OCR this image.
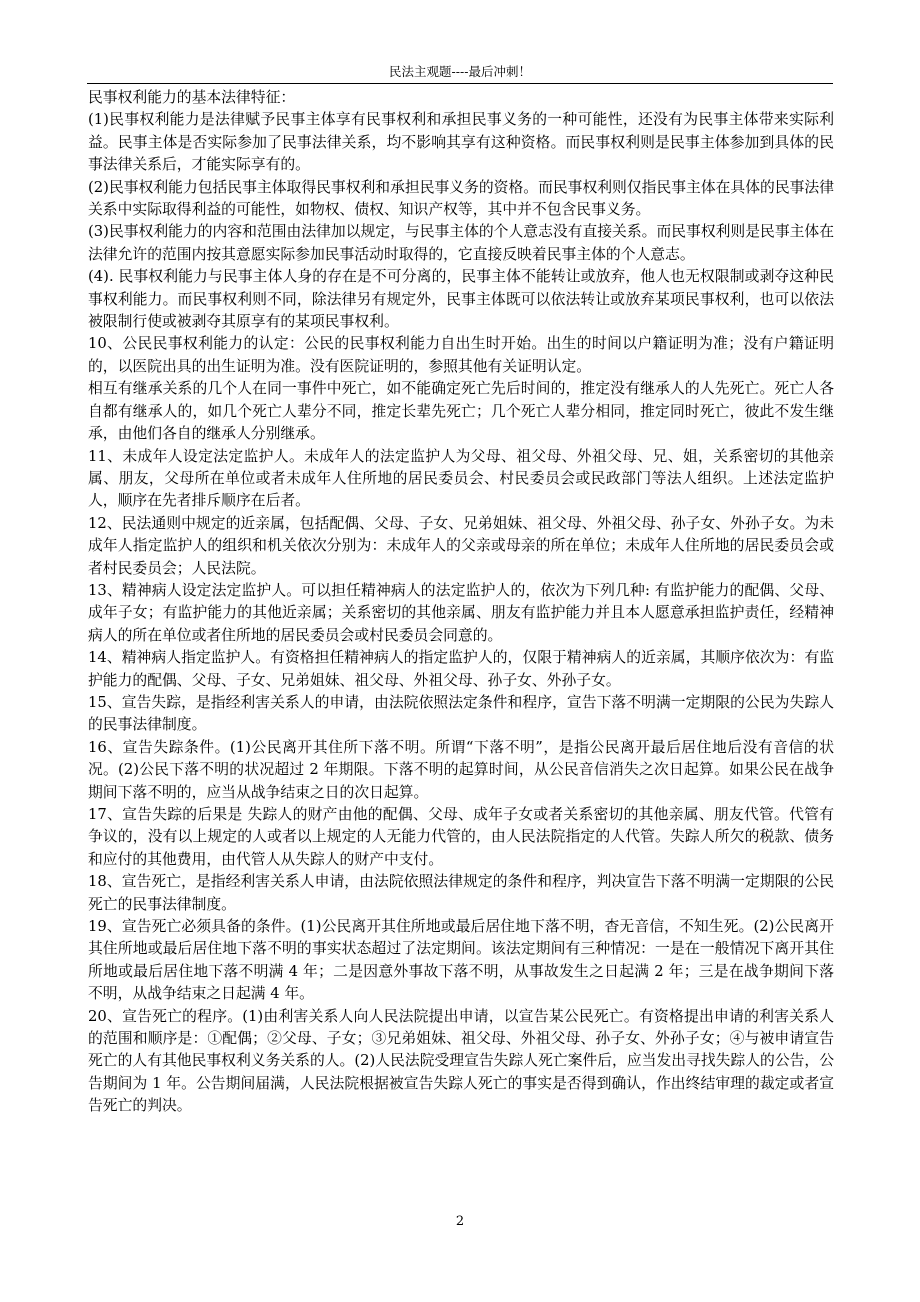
民法主观题----最后冲刺！

民事权利能力的基本法律特征：

(1)民事权利能力是法律赋予民事主体享有民事权利和承担民事义务的一种可能性，还没有为民事主体带来实际利益。民事主体是否实际参加了民事法律关系，均不影响其享有这种资格。而民事权利则是民事主体参加到具体的民事法律关系后，才能实际享有的。

(2)民事权利能力包括民事主体取得民事权利和承担民事义务的资格。而民事权利则仅指民事主体在具体的民事法律关系中实际取得利益的可能性，如物权、债权、知识产权等，其中并不包含民事义务。

(3)民事权利能力的内容和范围由法律加以规定，与民事主体的个人意志没有直接关系。而民事权利则是民事主体在法律允许的范围内按其意愿实际参加民事活动时取得的，它直接反映着民事主体的个人意志。

(4). 民事权利能力与民事主体人身的存在是不可分离的，民事主体不能转让或放弃，他人也无权限制或剥夺这种民事权利能力。而民事权利则不同，除法律另有规定外，民事主体既可以依法转让或放弃某项民事权利，也可以依法被限制行使或被剥夺其原享有的某项民事权利。

10、公民民事权利能力的认定：公民的民事权利能力自出生时开始。出生的时间以户籍证明为准；没有户籍证明的，以医院出具的出生证明为准。没有医院证明的，参照其他有关证明认定。

相互有继承关系的几个人在同一事件中死亡，如不能确定死亡先后时间的，推定没有继承人的人先死亡。死亡人各自都有继承人的，如几个死亡人辈分不同，推定长辈先死亡；几个死亡人辈分相同，推定同时死亡，彼此不发生继承，由他们各自的继承人分别继承。

11、未成年人设定法定监护人。未成年人的法定监护人为父母、祖父母、外祖父母、兄、姐，关系密切的其他亲属、朋友，父母所在单位或者未成年人住所地的居民委员会、村民委员会或民政部门等法人组织。上述法定监护人，顺序在先者排斥顺序在后者。

12、民法通则中规定的近亲属，包括配偶、父母、子女、兄弟姐妹、祖父母、外祖父母、孙子女、外孙子女。为未成年人指定监护人的组织和机关依次分别为：未成年人的父亲或母亲的所在单位；未成年人住所地的居民委员会或者村民委员会；人民法院。

13、精神病人设定法定监护人。可以担任精神病人的法定监护人的，依次为下列几种: 有监护能力的配偶、父母、成年子女；有监护能力的其他近亲属；关系密切的其他亲属、朋友有监护能力并且本人愿意承担监护责任，经精神病人的所在单位或者住所地的居民委员会或村民委员会同意的。

14、精神病人指定监护人。有资格担任精神病人的指定监护人的，仅限于精神病人的近亲属，其顺序依次为：有监护能力的配偶、父母、子女、兄弟姐妹、祖父母、外祖父母、孙子女、外孙子女。

15、宣告失踪，是指经利害关系人的申请，由法院依照法定条件和程序，宣告下落不明满一定期限的公民为失踪人的民事法律制度。

16、宣告失踪条件。(1)公民离开其住所下落不明。所谓“下落不明”，是指公民离开最后居住地后没有音信的状况。(2)公民下落不明的状况超过 2 年期限。下落不明的起算时间，从公民音信消失之次日起算。如果公民在战争期间下落不明的，应当从战争结束之日的次日起算。

17、宣告失踪的后果是 失踪人的财产由他的配偶、父母、成年子女或者关系密切的其他亲属、朋友代管。代管有争议的，没有以上规定的人或者以上规定的人无能力代管的，由人民法院指定的人代管。失踪人所欠的税款、债务和应付的其他费用，由代管人从失踪人的财产中支付。

18、宣告死亡，是指经利害关系人申请，由法院依照法律规定的条件和程序，判决宣告下落不明满一定期限的公民死亡的民事法律制度。

19、宣告死亡必须具备的条件。(1)公民离开其住所地或最后居住地下落不明，杳无音信，不知生死。(2)公民离开其住所地或最后居住地下落不明的事实状态超过了法定期间。该法定期间有三种情况：一是在一般情况下离开其住所地或最后居住地下落不明满 4 年；二是因意外事故下落不明，从事故发生之日起满 2 年；三是在战争期间下落不明，从战争结束之日起满 4 年。

20、宣告死亡的程序。(1)由利害关系人向人民法院提出申请，以宣告某公民死亡。有资格提出申请的利害关系人的范围和顺序是：①配偶；②父母、子女；③兄弟姐妹、祖父母、外祖父母、孙子女、外孙子女；④与被申请宣告死亡的人有其他民事权利义务关系的人。(2)人民法院受理宣告失踪人死亡案件后，应当发出寻找失踪人的公告，公告期间为 1 年。公告期间届满，人民法院根据被宣告失踪人死亡的事实是否得到确认，作出终结审理的裁定或者宣告死亡的判决。

2
